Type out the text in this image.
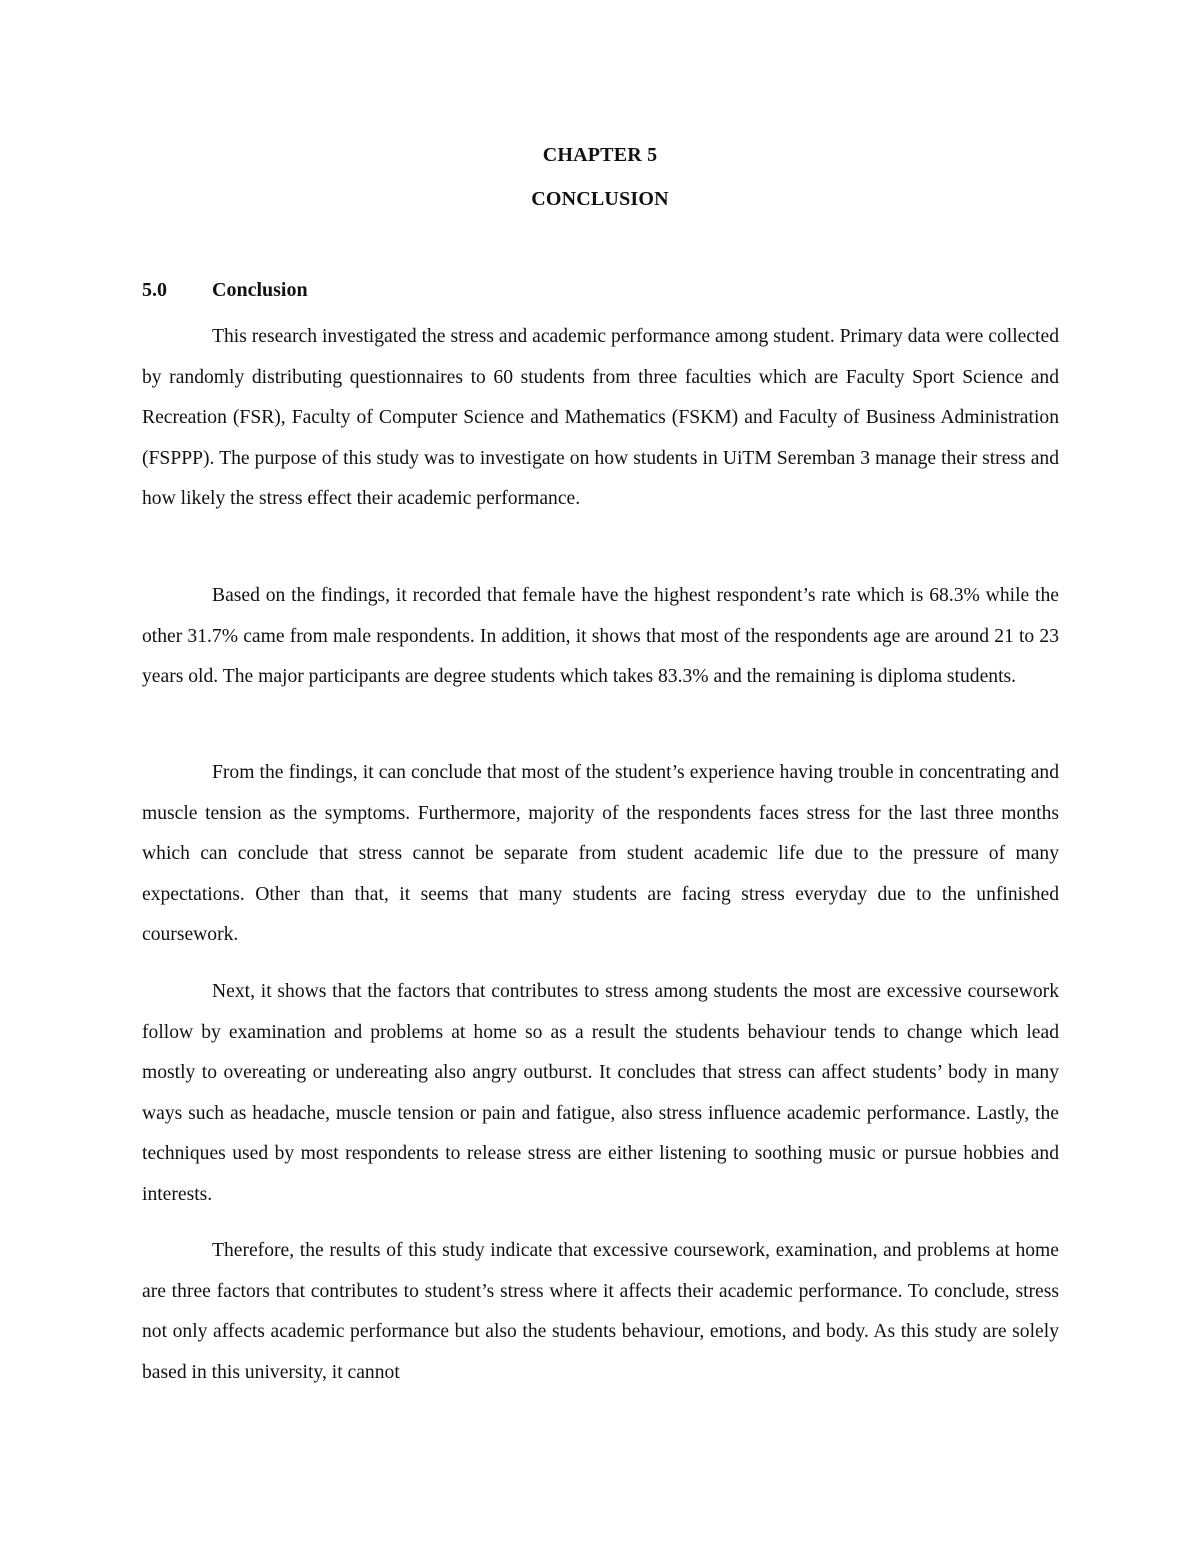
CHAPTER 5
CONCLUSION
5.0 Conclusion

This research investigated the stress and academic performance among student. Primary data were collected by randomly distributing questionnaires to 60 students from three faculties which are Faculty Sport Science and Recreation (FSR), Faculty of Computer Science and Mathematics (FSKM) and Faculty of Business Administration (FSPPP). The purpose of this study was to investigate on how students in UiTM Seremban 3 manage their stress and how likely the stress effect their academic performance.

Based on the findings, it recorded that female have the highest respondent’s rate which is 68.3% while the other 31.7% came from male respondents. In addition, it shows that most of the respondents age are around 21 to 23 years old. The major participants are degree students which takes 83.3% and the remaining is diploma students.

From the findings, it can conclude that most of the student’s experience having trouble in concentrating and muscle tension as the symptoms. Furthermore, majority of the respondents faces stress for the last three months which can conclude that stress cannot be separate from student academic life due to the pressure of many expectations. Other than that, it seems that many students are facing stress everyday due to the unfinished coursework.

Next, it shows that the factors that contributes to stress among students the most are excessive coursework follow by examination and problems at home so as a result the students behaviour tends to change which lead mostly to overeating or undereating also angry outburst. It concludes that stress can affect students’ body in many ways such as headache, muscle tension or pain and fatigue, also stress influence academic performance. Lastly, the techniques used by most respondents to release stress are either listening to soothing music or pursue hobbies and interests.

Therefore, the results of this study indicate that excessive coursework, examination, and problems at home are three factors that contributes to student’s stress where it affects their academic performance. To conclude, stress not only affects academic performance but also the students behaviour, emotions, and body. As this study are solely based in this university, it cannot
